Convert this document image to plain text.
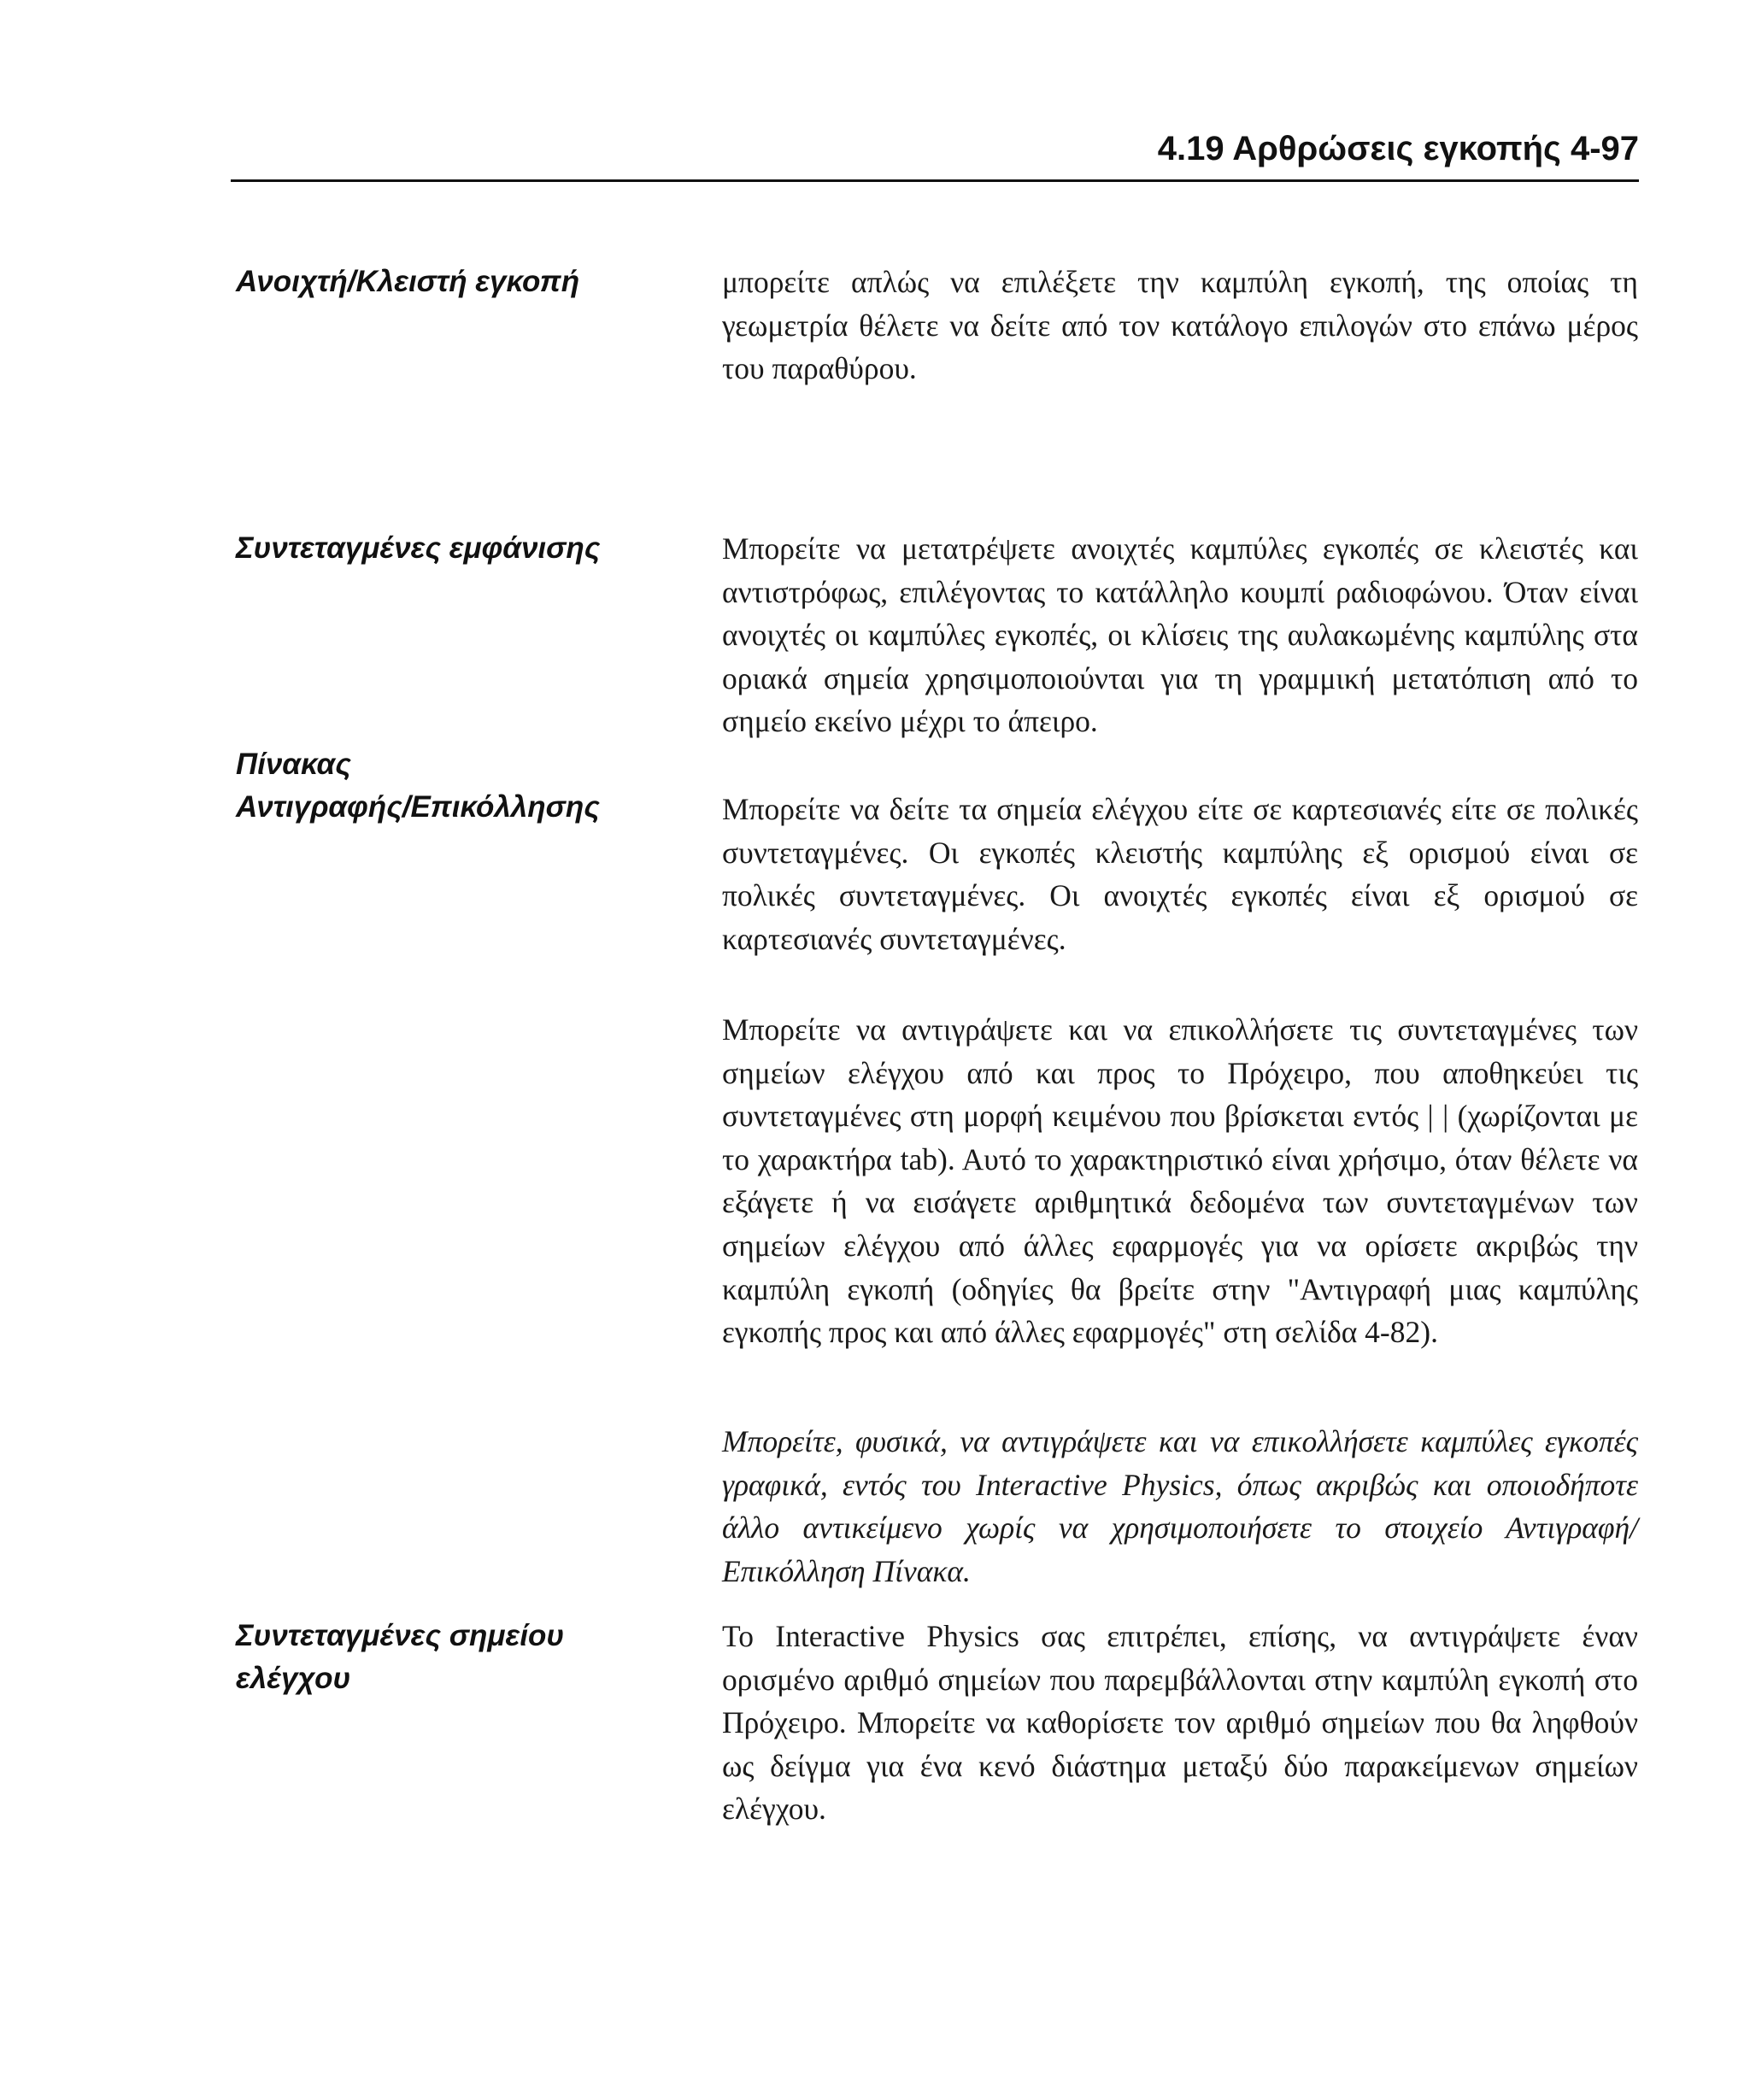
4.19 Αρθρώσεις εγκοπής 4-97

Ανοιχτή/Κλειστή εγκοπή

Συντεταγμένες εμφάνισης

Πίνακας

Αντιγραφής/Επικόλλησης

Συντεταγμένες σημείου

ελέγχου

μπορείτε απλώς να επιλέξετε την καμπύλη εγκοπή, της οποίας τη γεωμετρία θέλετε να δείτε από τον κατάλογο επιλογών στο επάνω μέρος του παραθύρου.

Μπορείτε να μετατρέψετε ανοιχτές καμπύλες εγκοπές σε κλειστές και αντιστρόφως, επιλέγοντας το κατάλληλο κουμπί ραδιοφώνου. Όταν είναι ανοιχτές οι καμπύλες εγκοπές, οι κλίσεις της αυλακωμένης καμπύλης στα οριακά σημεία χρησιμοποιούνται για τη γραμμική μετατόπιση από το σημείο εκείνο μέχρι το άπειρο.

Μπορείτε να δείτε τα σημεία ελέγχου είτε σε καρτεσιανές είτε σε πολικές συντεταγμένες. Οι εγκοπές κλειστής καμπύλης εξ ορισμού είναι σε πολικές συντεταγμένες. Οι ανοιχτές εγκοπές είναι εξ ορισμού σε καρτεσιανές συντεταγμένες.

Μπορείτε να αντιγράψετε και να επικολλήσετε τις συντεταγμένες των σημείων ελέγχου από και προς το Πρόχειρο, που αποθηκεύει τις συντεταγμένες στη μορφή κειμένου που βρίσκεται εντός | | (χωρίζονται με το χαρακτήρα tab). Αυτό το χαρακτηριστικό είναι χρήσιμο, όταν θέλετε να εξάγετε ή να εισάγετε αριθμητικά δεδομένα των συντεταγμένων των σημείων ελέγχου από άλλες εφαρμογές για να ορίσετε ακριβώς την καμπύλη εγκοπή (οδηγίες θα βρείτε στην "Αντιγραφή μιας καμπύλης εγκοπής προς και από άλλες εφαρμογές" στη σελίδα 4-82).

Μπορείτε, φυσικά, να αντιγράψετε και να επικολλήσετε καμπύλες εγκοπές γραφικά, εντός του Interactive Physics, όπως ακριβώς και οποιοδήποτε άλλο αντικείμενο χωρίς να χρησιμοποιήσετε το στοιχείο Αντιγραφή/Επικόλληση Πίνακα.

Το Interactive Physics σας επιτρέπει, επίσης, να αντιγράψετε έναν ορισμένο αριθμό σημείων που παρεμβάλλονται στην καμπύλη εγκοπή στο Πρόχειρο. Μπορείτε να καθορίσετε τον αριθμό σημείων που θα ληφθούν ως δείγμα για ένα κενό διάστημα μεταξύ δύο παρακείμενων σημείων ελέγχου.
